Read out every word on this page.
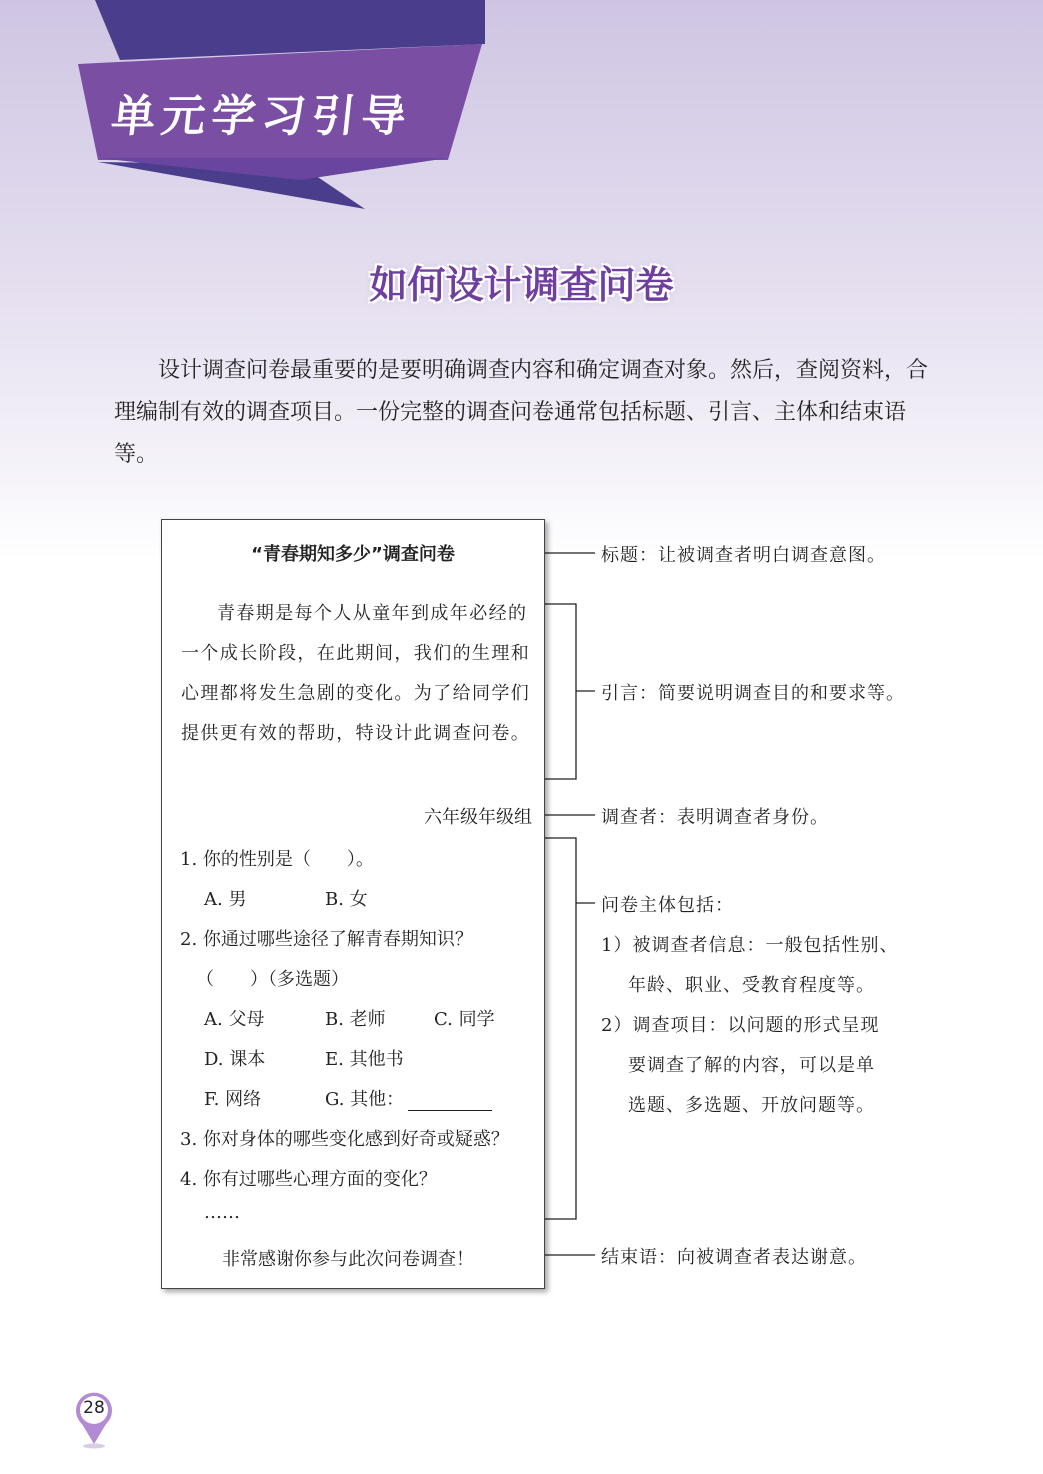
单元学习引导
如何设计调查问卷

设计调查问卷最重要的是要明确调查内容和确定调查对象。然后，查阅资料，合理编制有效的调查项目。一份完整的调查问卷通常包括标题、引言、主体和结束语等。

“青春期知多少”调查问卷

青春期是每个人从童年到成年必经的一个成长阶段，在此期间，我们的生理和心理都将发生急剧的变化。为了给同学们提供更有效的帮助，特设计此调查问卷。

六年级年级组
1. 你的性别是（　　）。
A. 男	B. 女
2. 你通过哪些途径了解青春期知识？
（　　）（多选题）
A. 父母	B. 老师	C. 同学
D. 课本	E. 其他书
F. 网络	G. 其他：
3. 你对身体的哪些变化感到好奇或疑惑？
4. 你有过哪些心理方面的变化？
……
非常感谢你参与此次问卷调查！
标题：让被调查者明白调查意图。
引言：简要说明调查目的和要求等。
调查者：表明调查者身份。
问卷主体包括：
1）被调查者信息：一般包括性别、
年龄、职业、受教育程度等。
2）调查项目：以问题的形式呈现
要调查了解的内容，可以是单
选题、多选题、开放问题等。
结束语：向被调查者表达谢意。
28
